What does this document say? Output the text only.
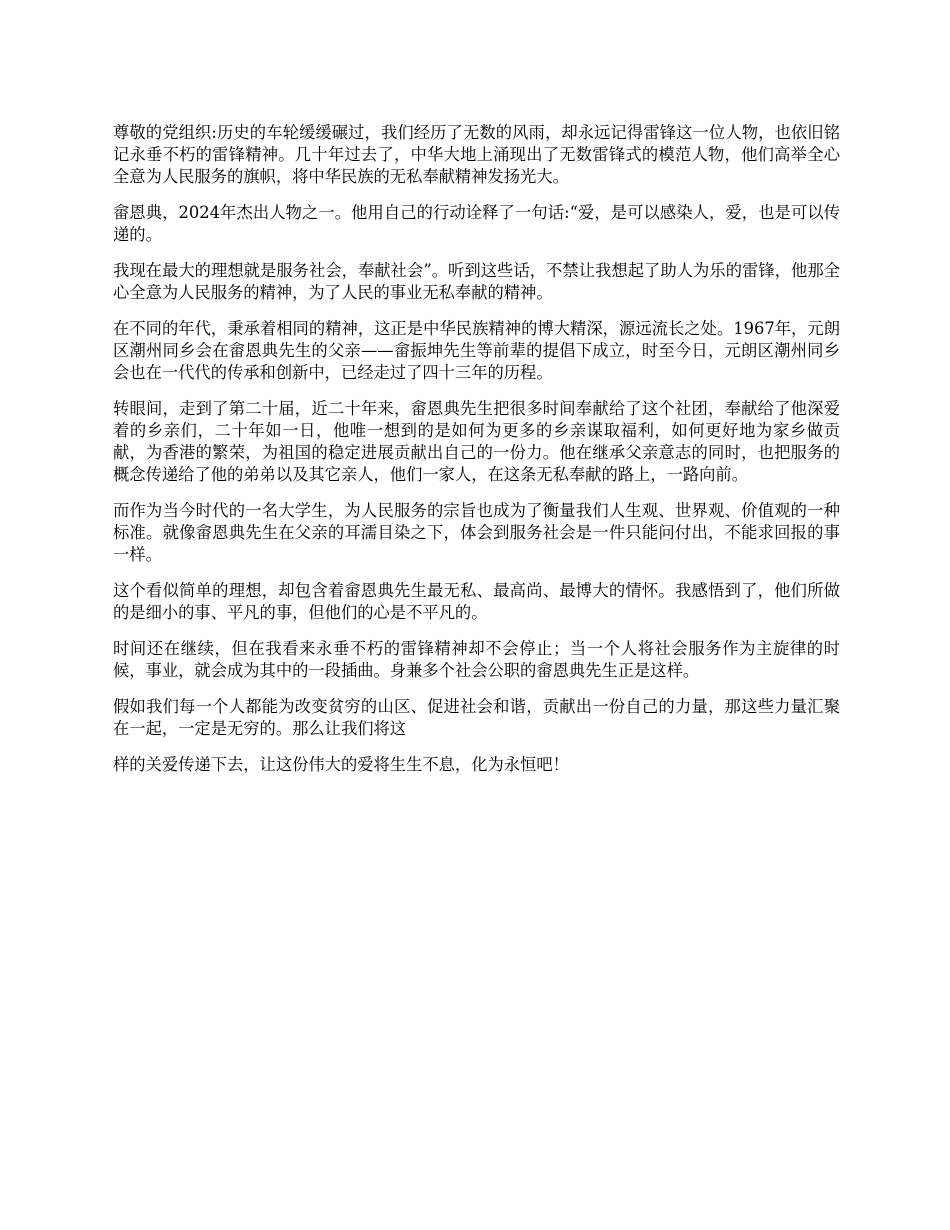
尊敬的党组织:历史的车轮缓缓碾过，我们经历了无数的风雨，却永远记得雷锋这一位人物，也依旧铭记永垂不朽的雷锋精神。几十年过去了，中华大地上涌现出了无数雷锋式的模范人物，他们高举全心全意为人民服务的旗帜，将中华民族的无私奉献精神发扬光大。

畲恩典，2024年杰出人物之一。他用自己的行动诠释了一句话:“爱，是可以感染人，爱，也是可以传递的。

我现在最大的理想就是服务社会，奉献社会”。听到这些话，不禁让我想起了助人为乐的雷锋，他那全心全意为人民服务的精神，为了人民的事业无私奉献的精神。

在不同的年代，秉承着相同的精神，这正是中华民族精神的博大精深，源远流长之处。1967年，元朗区潮州同乡会在畲恩典先生的父亲——畲振坤先生等前辈的提倡下成立，时至今日，元朗区潮州同乡会也在一代代的传承和创新中，已经走过了四十三年的历程。

转眼间，走到了第二十届，近二十年来，畲恩典先生把很多时间奉献给了这个社团，奉献给了他深爱着的乡亲们，二十年如一日，他唯一想到的是如何为更多的乡亲谋取福利，如何更好地为家乡做贡献，为香港的繁荣，为祖国的稳定进展贡献出自己的一份力。他在继承父亲意志的同时，也把服务的概念传递给了他的弟弟以及其它亲人，他们一家人，在这条无私奉献的路上，一路向前。

而作为当今时代的一名大学生，为人民服务的宗旨也成为了衡量我们人生观、世界观、价值观的一种标准。就像畲恩典先生在父亲的耳濡目染之下，体会到服务社会是一件只能问付出，不能求回报的事一样。

这个看似简单的理想，却包含着畲恩典先生最无私、最高尚、最博大的情怀。我感悟到了，他们所做的是细小的事、平凡的事，但他们的心是不平凡的。

时间还在继续，但在我看来永垂不朽的雷锋精神却不会停止；当一个人将社会服务作为主旋律的时候，事业，就会成为其中的一段插曲。身兼多个社会公职的畲恩典先生正是这样。

假如我们每一个人都能为改变贫穷的山区、促进社会和谐，贡献出一份自己的力量，那这些力量汇聚在一起，一定是无穷的。那么让我们将这

样的关爱传递下去，让这份伟大的爱将生生不息，化为永恒吧！
